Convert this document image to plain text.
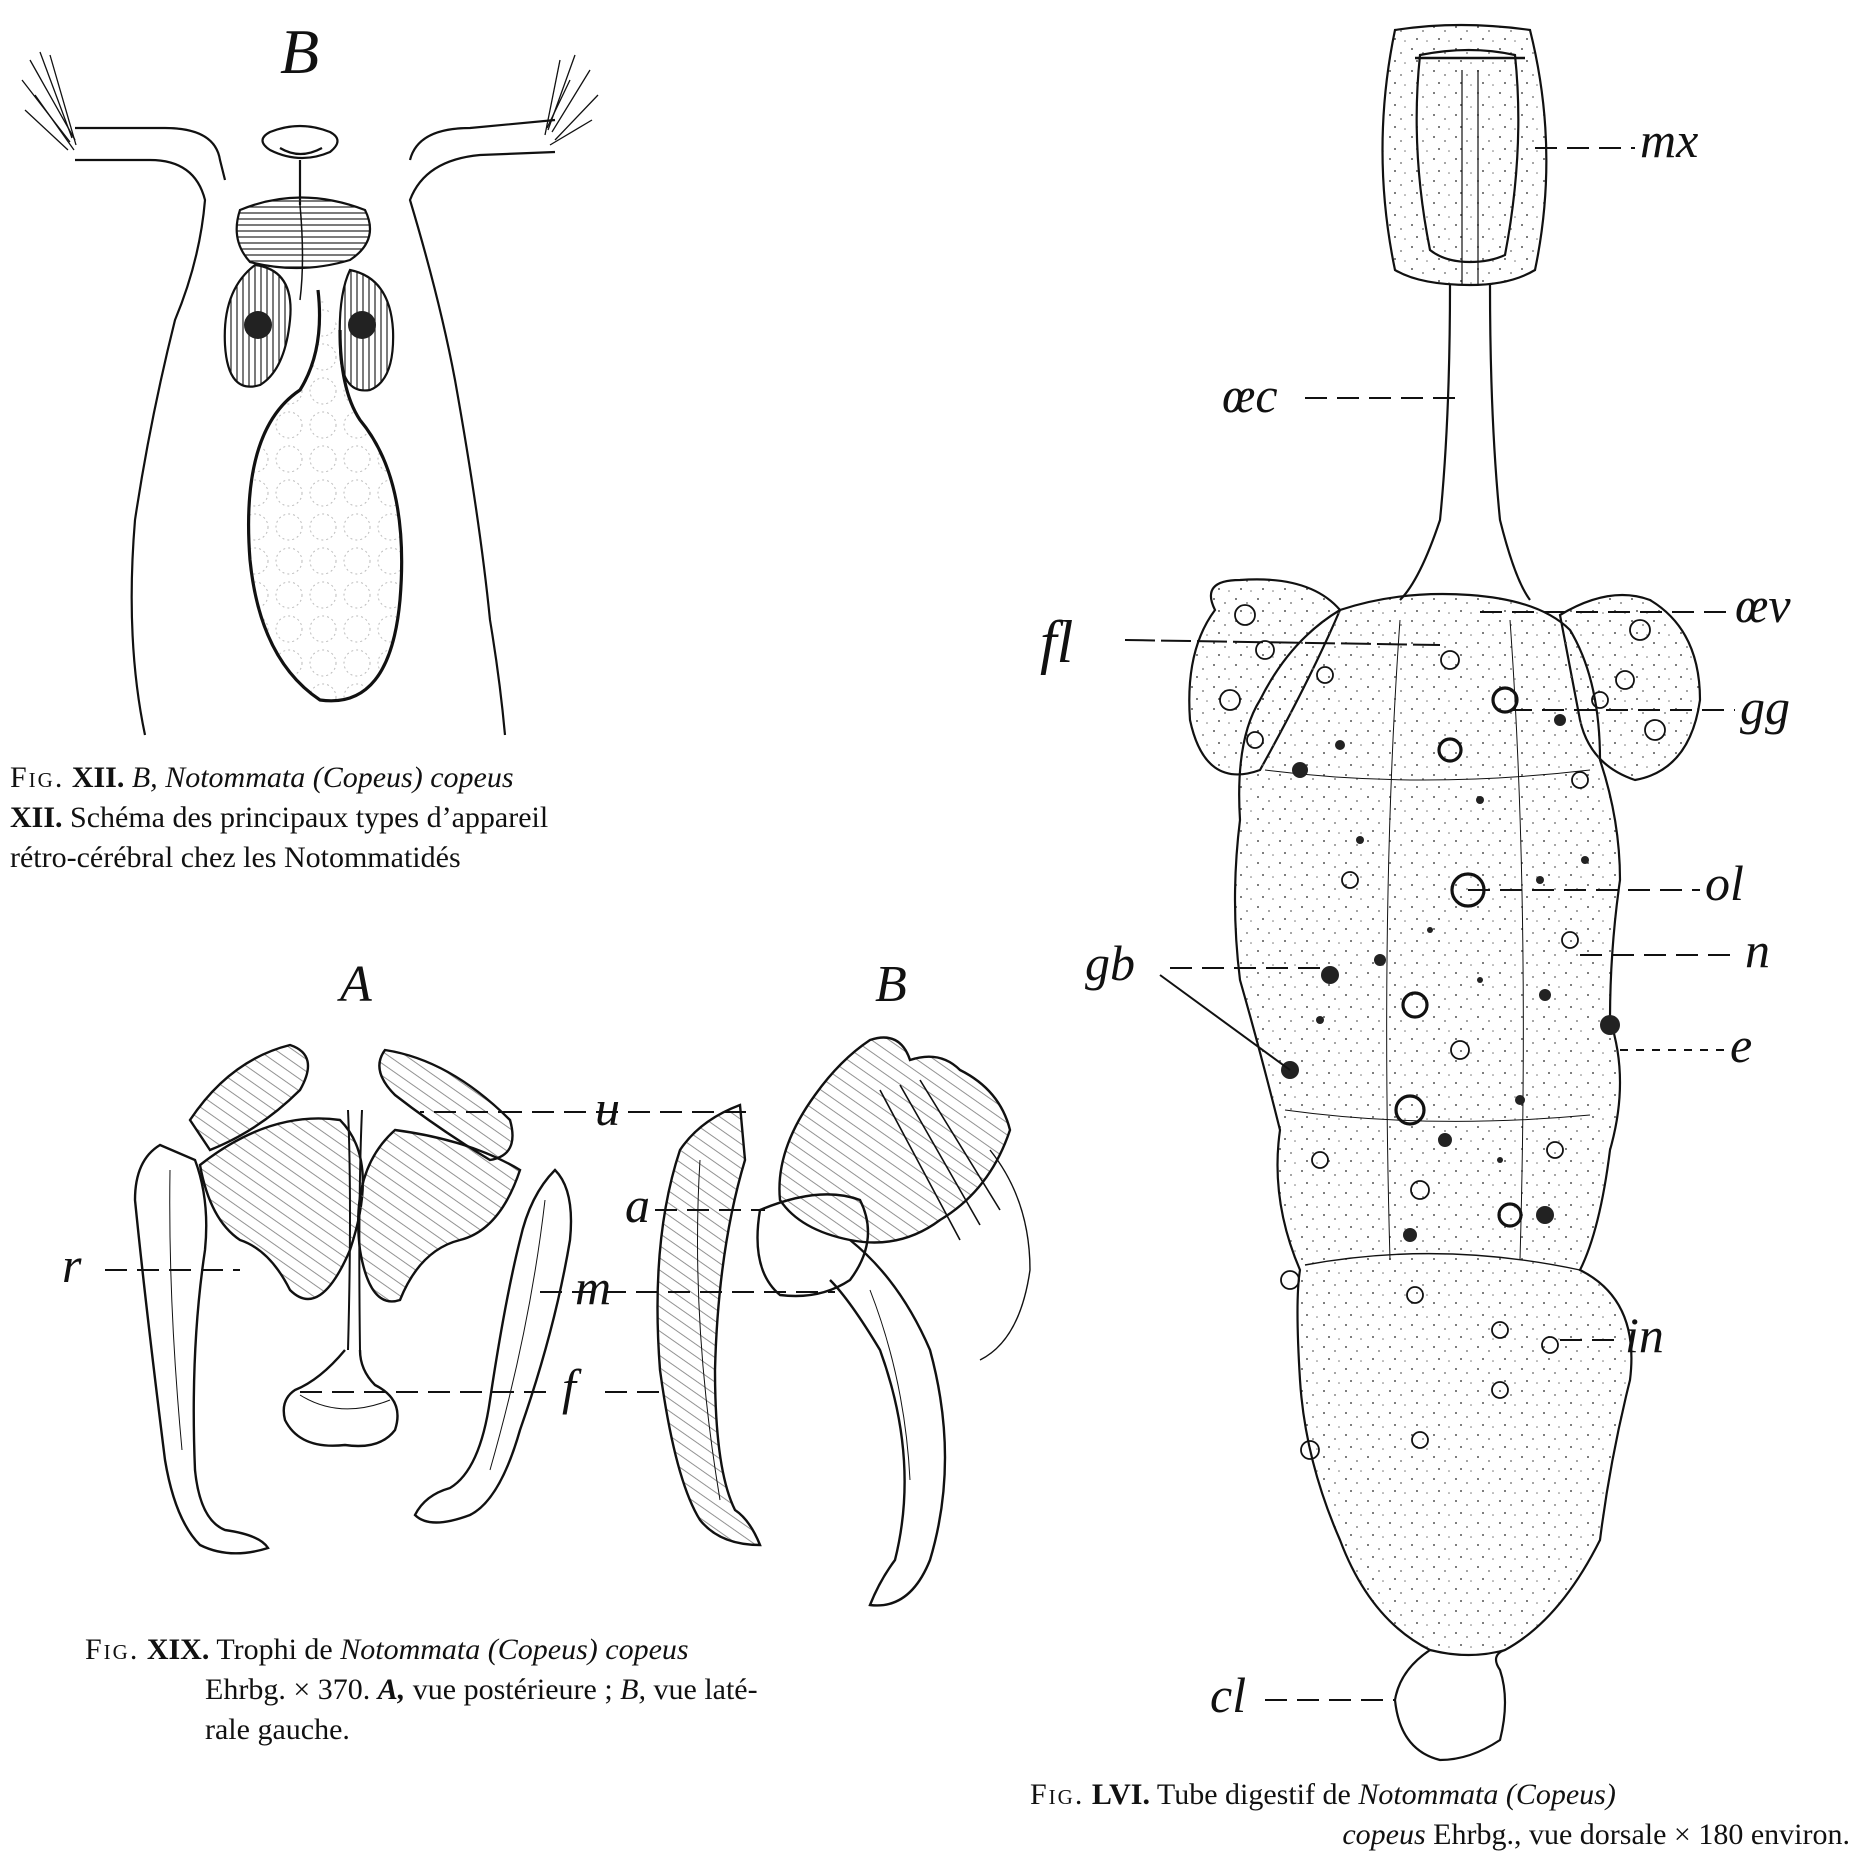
B
A	B
u
a
r	m
f
mx
œc
œv
fl
gg
ol
n
gb
e
in
cl
Fig. XII. B, Notommata (Copeus) copeus
XII. Schéma des principaux types d’appareil
rétro-cérébral chez les Notommatidés
Fig. XIX. Trophi de Notommata (Copeus) copeus
Ehrbg. × 370. A, vue postérieure ; B, vue laté-
rale gauche.
Fig. LVI. Tube digestif de Notommata (Copeus)
copeus Ehrbg., vue dorsale × 180 environ.
